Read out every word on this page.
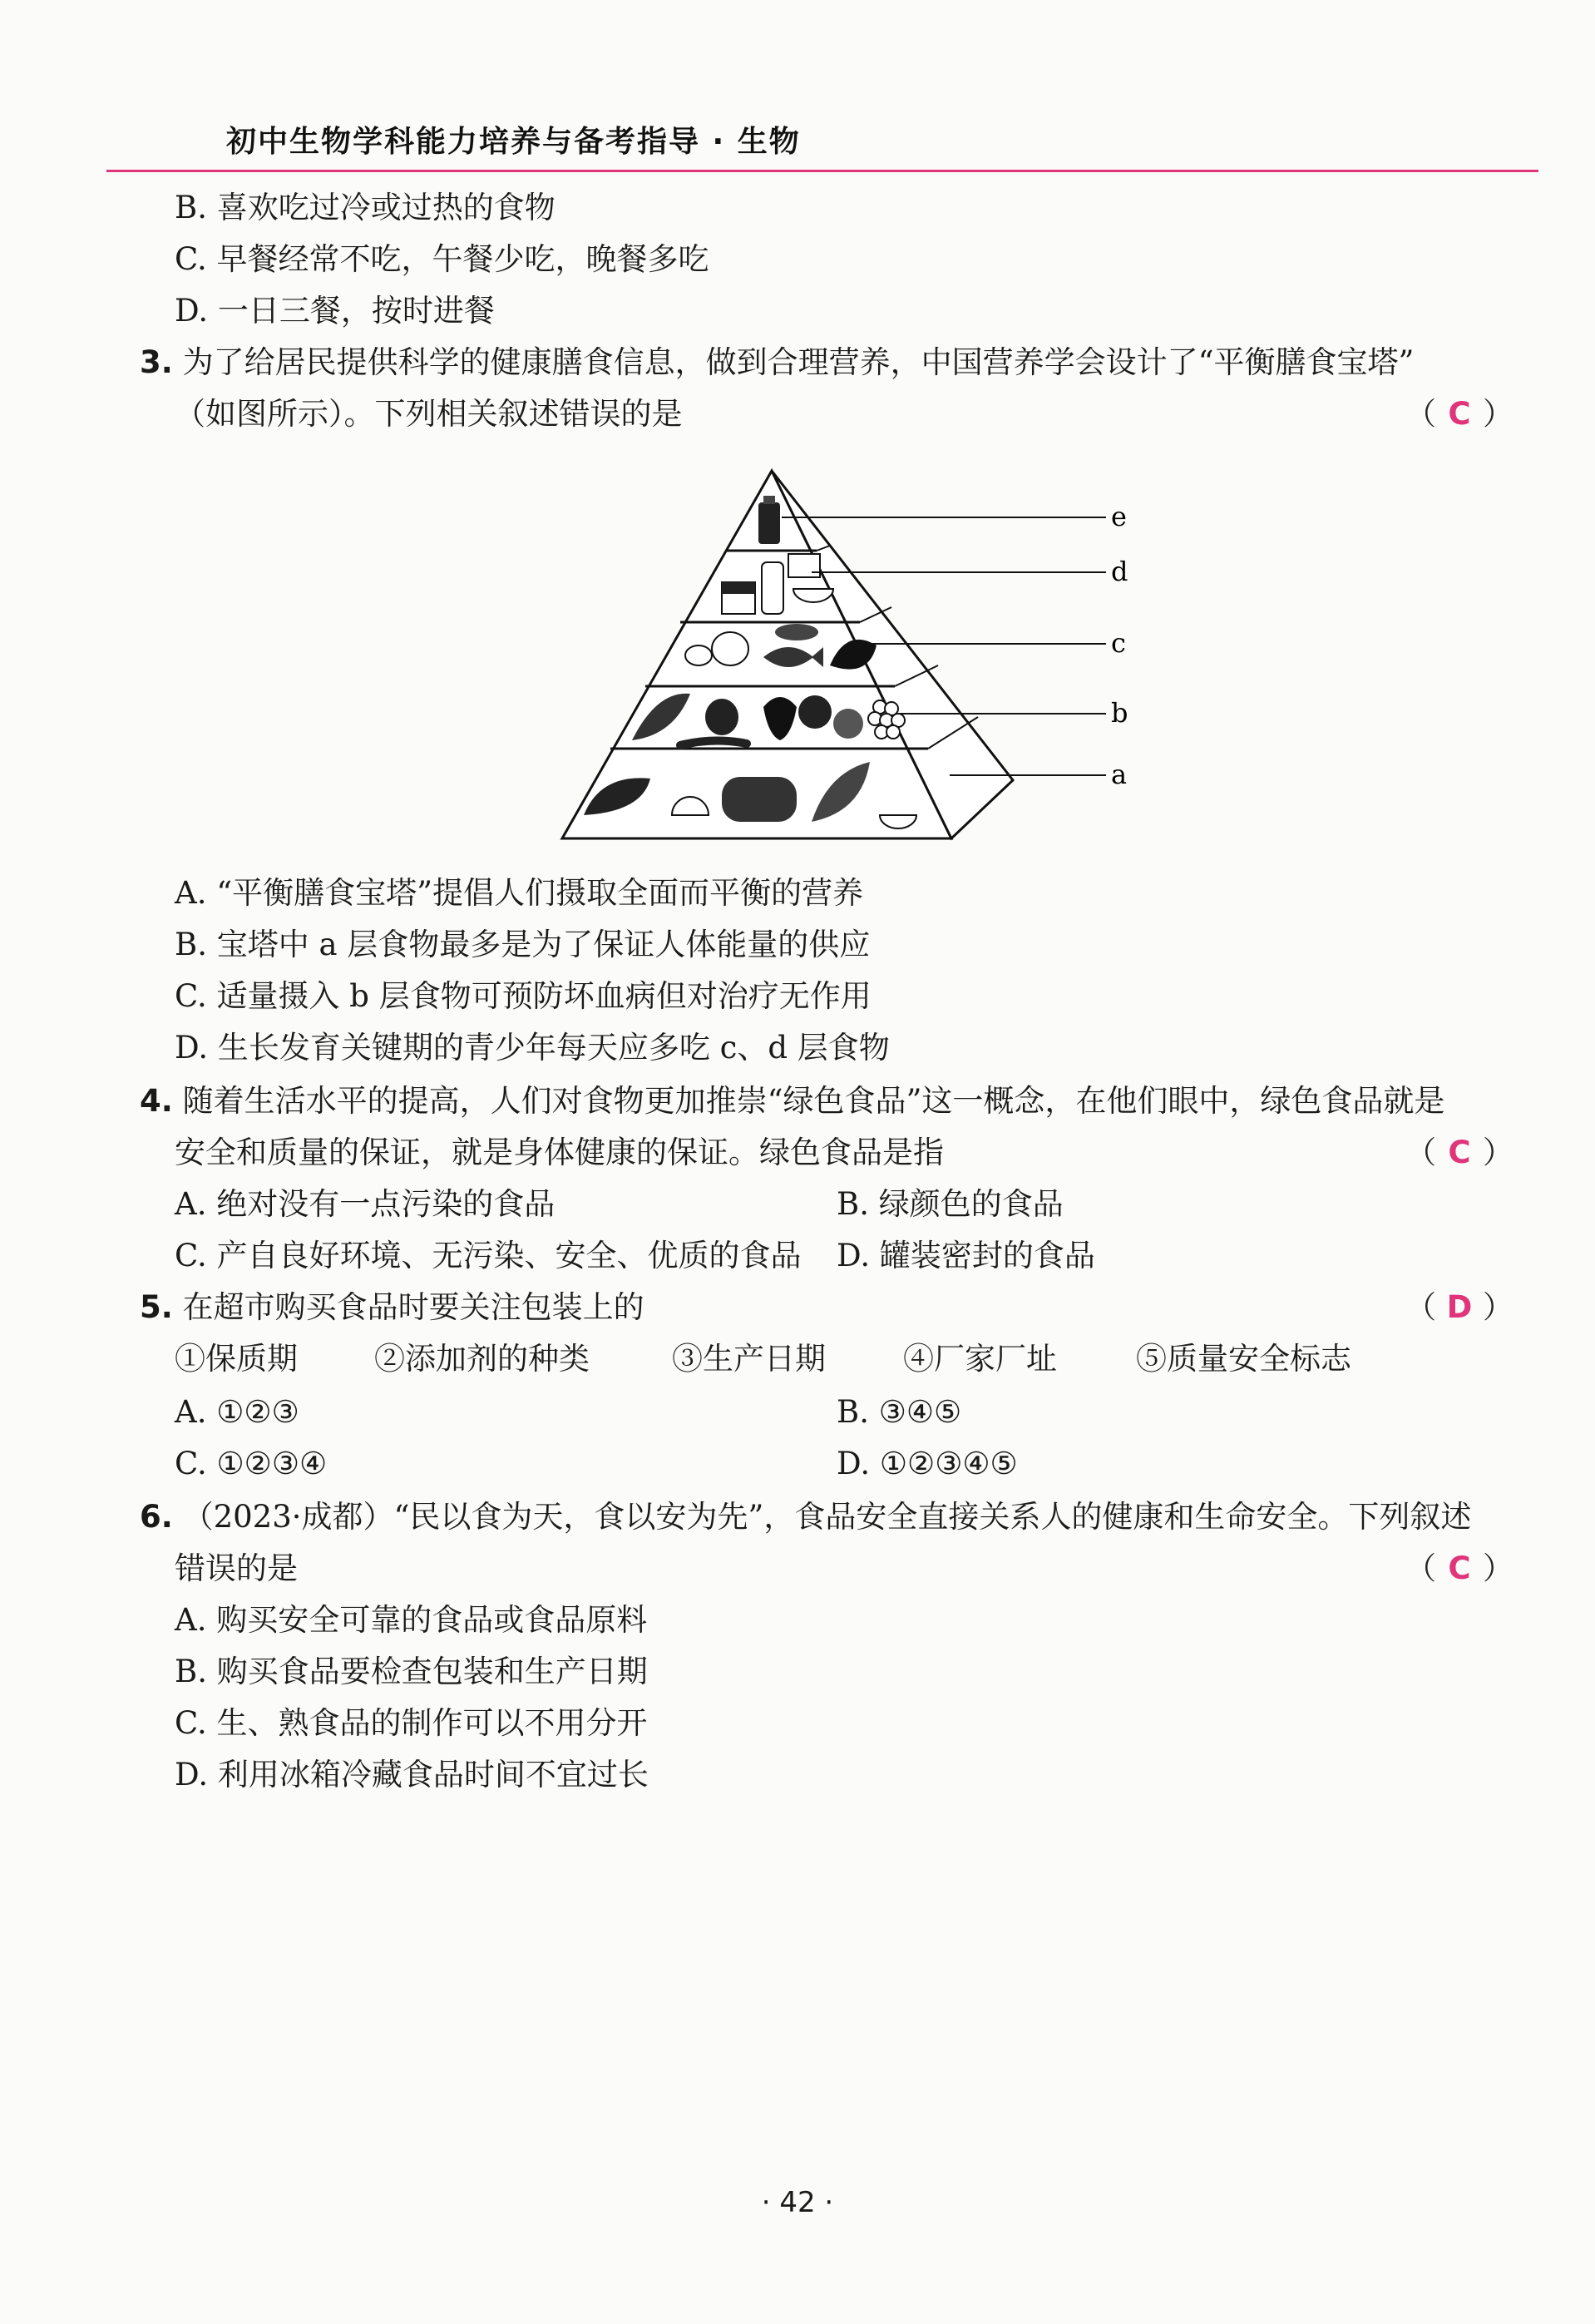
初中生物学科能力培养与备考指导 · 生物
B. 喜欢吃过冷或过热的食物
C. 早餐经常不吃，午餐少吃，晚餐多吃
D. 一日三餐，按时进餐
3. 为了给居民提供科学的健康膳食信息，做到合理营养，中国营养学会设计了“平衡膳食宝塔”
（如图所示）。下列相关叙述错误的是	（ C ）
e
d
c
b
a
A. “平衡膳食宝塔”提倡人们摄取全面而平衡的营养
B. 宝塔中 a 层食物最多是为了保证人体能量的供应
C. 适量摄入 b 层食物可预防坏血病但对治疗无作用
D. 生长发育关键期的青少年每天应多吃 c、d 层食物
4. 随着生活水平的提高，人们对食物更加推崇“绿色食品”这一概念，在他们眼中，绿色食品就是
安全和质量的保证，就是身体健康的保证。绿色食品是指	（ C ）
A. 绝对没有一点污染的食品	B. 绿颜色的食品
C. 产自良好环境、无污染、安全、优质的食品 D. 罐装密封的食品
5. 在超市购买食品时要关注包装上的	（ D ）
①保质期 ②添加剂的种类	③生产日期	④厂家厂址	⑤质量安全标志
A. ①②③	B. ③④⑤
C. ①②③④	D. ①②③④⑤
6. （2023·成都）“民以食为天，食以安为先”，食品安全直接关系人的健康和生命安全。下列叙述
错误的是	（ C ）
A. 购买安全可靠的食品或食品原料
B. 购买食品要检查包装和生产日期
C. 生、熟食品的制作可以不用分开
D. 利用冰箱冷藏食品时间不宜过长
· 42 ·
